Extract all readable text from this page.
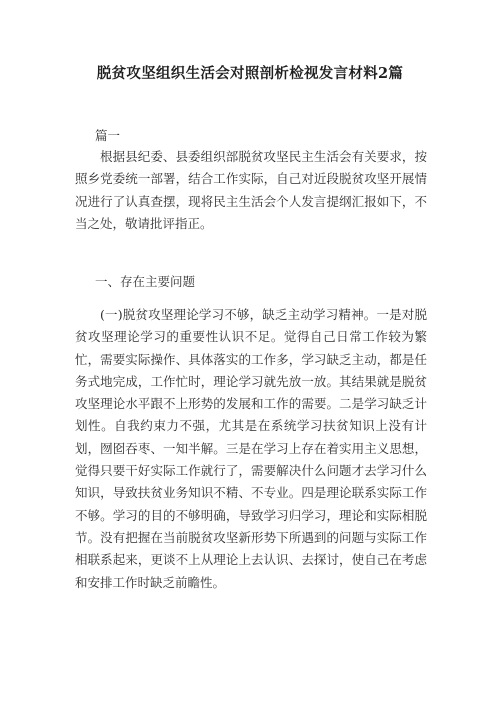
脱贫攻坚组织生活会对照剖析检视发言材料2篇
篇一

根据县纪委、县委组织部脱贫攻坚民主生活会有关要求，按照乡党委统一部署，结合工作实际，自己对近段脱贫攻坚开展情况进行了认真查摆，现将民主生活会个人发言提纲汇报如下，不当之处，敬请批评指正。

一、存在主要问题

(一)脱贫攻坚理论学习不够，缺乏主动学习精神。一是对脱贫攻坚理论学习的重要性认识不足。觉得自己日常工作较为繁忙，需要实际操作、具体落实的工作多，学习缺乏主动，都是任务式地完成，工作忙时，理论学习就先放一放。其结果就是脱贫攻坚理论水平跟不上形势的发展和工作的需要。二是学习缺乏计划性。自我约束力不强，尤其是在系统学习扶贫知识上没有计划，囫囵吞枣、一知半解。三是在学习上存在着实用主义思想，觉得只要干好实际工作就行了，需要解决什么问题才去学习什么知识，导致扶贫业务知识不精、不专业。四是理论联系实际工作不够。学习的目的不够明确，导致学习归学习，理论和实际相脱节。没有把握在当前脱贫攻坚新形势下所遇到的问题与实际工作相联系起来，更谈不上从理论上去认识、去探讨，使自己在考虑和安排工作时缺乏前瞻性。
